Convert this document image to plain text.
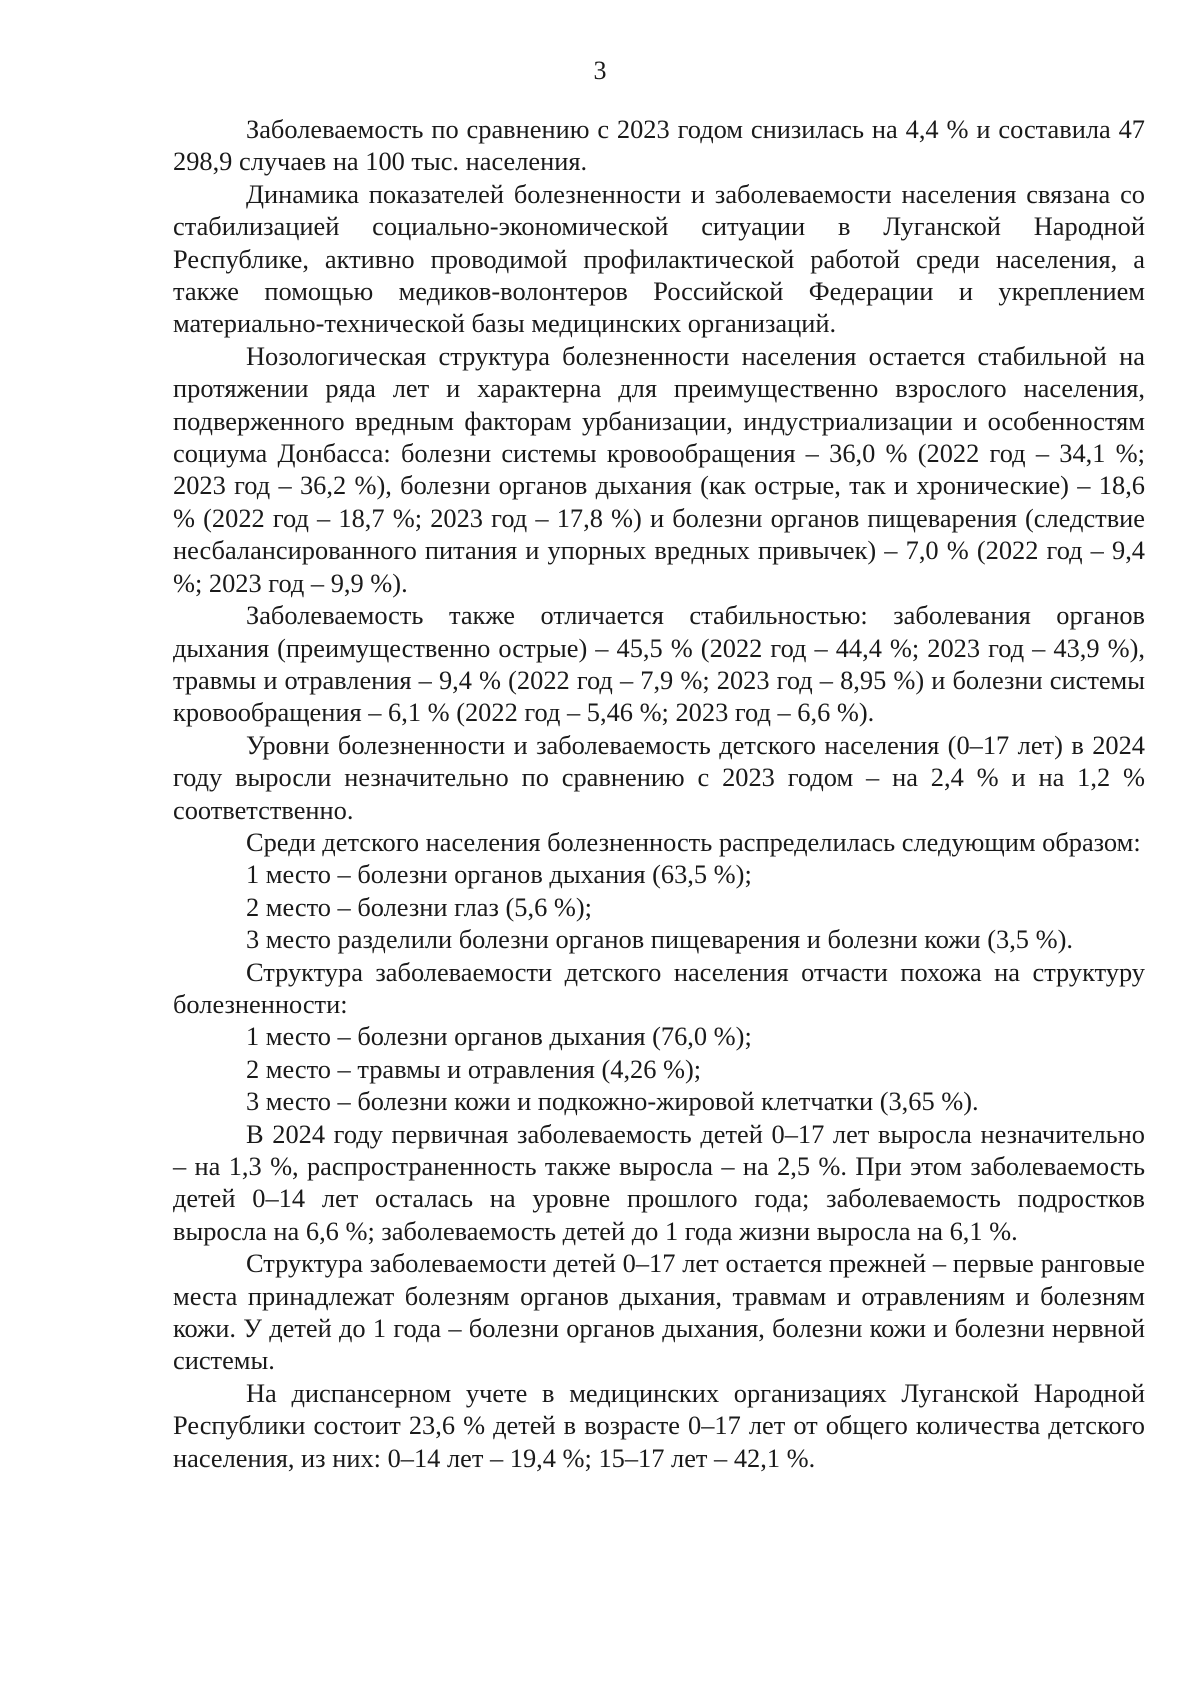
3

Заболеваемость по сравнению с 2023 годом снизилась на 4,4 % и составила 47 298,9 случаев на 100 тыс. населения.

Динамика показателей болезненности и заболеваемости населения связана со стабилизацией социально-экономической ситуации в Луганской Народной Республике, активно проводимой профилактической работой среди населения, а также помощью медиков-волонтеров Российской Федерации и укреплением материально-технической базы медицинских организаций.

Нозологическая структура болезненности населения остается стабильной на протяжении ряда лет и характерна для преимущественно взрослого населения, подверженного вредным факторам урбанизации, индустриализации и особенностям социума Донбасса: болезни системы кровообращения – 36,0 % (2022 год – 34,1 %; 2023 год – 36,2 %), болезни органов дыхания (как острые, так и хронические) – 18,6 % (2022 год – 18,7 %; 2023 год – 17,8 %) и болезни органов пищеварения (следствие несбалансированного питания и упорных вредных привычек) – 7,0 % (2022 год – 9,4 %; 2023 год – 9,9 %).

Заболеваемость также отличается стабильностью: заболевания органов дыхания (преимущественно острые) – 45,5 % (2022 год – 44,4 %; 2023 год – 43,9 %), травмы и отравления – 9,4 % (2022 год – 7,9 %; 2023 год – 8,95 %) и болезни системы кровообращения – 6,1 % (2022 год – 5,46 %; 2023 год – 6,6 %).

Уровни болезненности и заболеваемость детского населения (0–17 лет) в 2024 году выросли незначительно по сравнению с 2023 годом – на 2,4 % и на 1,2 % соответственно.

Среди детского населения болезненность распределилась следующим образом:

1 место – болезни органов дыхания (63,5 %);

2 место – болезни глаз (5,6 %);

3 место разделили болезни органов пищеварения и болезни кожи (3,5 %).

Структура заболеваемости детского населения отчасти похожа на структуру болезненности:

1 место – болезни органов дыхания (76,0 %);

2 место – травмы и отравления (4,26 %);

3 место – болезни кожи и подкожно-жировой клетчатки (3,65 %).

В 2024 году первичная заболеваемость детей 0–17 лет выросла незначительно – на 1,3 %, распространенность также выросла – на 2,5 %. При этом заболеваемость детей 0–14 лет осталась на уровне прошлого года; заболеваемость подростков выросла на 6,6 %; заболеваемость детей до 1 года жизни выросла на 6,1 %.

Структура заболеваемости детей 0–17 лет остается прежней – первые ранговые места принадлежат болезням органов дыхания, травмам и отравлениям и болезням кожи. У детей до 1 года – болезни органов дыхания, болезни кожи и болезни нервной системы.

На диспансерном учете в медицинских организациях Луганской Народной Республики состоит 23,6 % детей в возрасте 0–17 лет от общего количества детского населения, из них: 0–14 лет – 19,4 %; 15–17 лет – 42,1 %.
